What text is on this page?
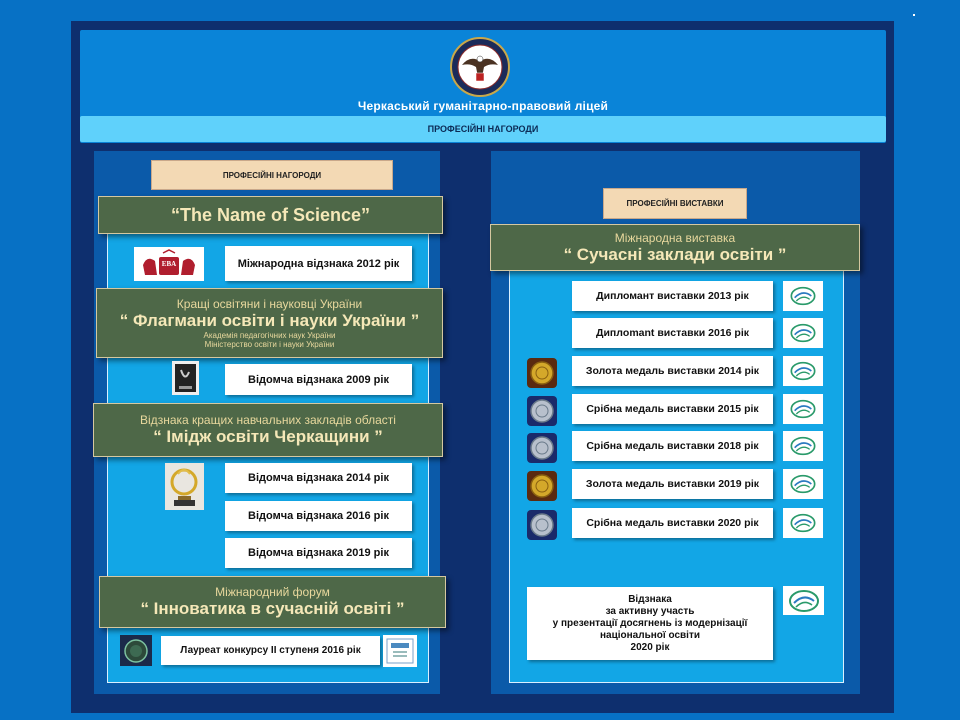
Черкаський гуманітарно-правовий ліцей
ПРОФЕСІЙНІ НАГОРОДИ
ПРОФЕСІЙНІ НАГОРОДИ
“The Name of Science”
EBA	Міжнародна відзнака 2012 рік
Кращі освітяни і науковці України
“ Флагмани освіти і науки України ”
Академія педагогічних наук України
Міністерство освіти і науки України
Відомча відзнака 2009 рік
Відзнака кращих навчальних закладів області
“ Імідж освіти Черкащини ”
Відомча відзнака 2014 рік
Відомча відзнака 2016 рік
Відомча відзнака 2019 рік
Міжнародний форум
“ Інноватика в сучасній освіті ”
Лауреат конкурсу ІІ ступеня 2016 рік
ПРОФЕСІЙНІ ВИСТАВКИ
Міжнародна виставка
“ Сучасні заклади освіти ”
Дипломант виставки 2013 рік
Диплomant виставки 2016 рік
Золота медаль виставки 2014 рік
Срібна медаль виставки 2015 рік
Срібна медаль виставки 2018 рік
Золота медаль виставки 2019 рік
Срібна медаль виставки 2020 рік
Відзнака
за активну участь
у презентації досягнень із модернізації
національної освіти
2020 рік
